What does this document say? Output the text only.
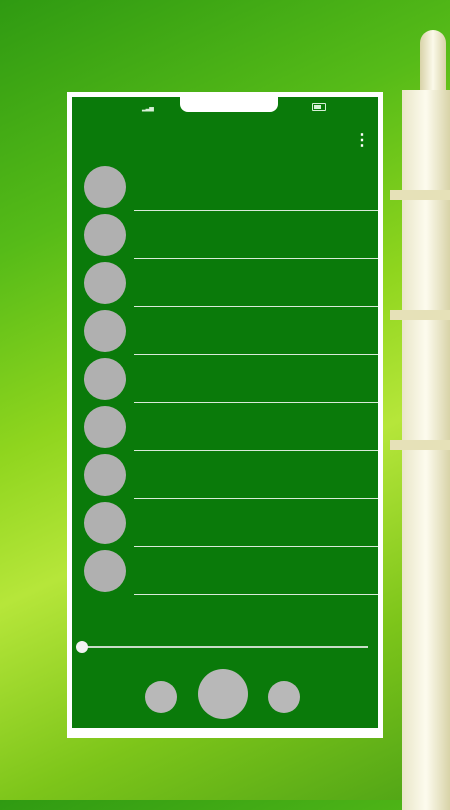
▂▃▅
⋮
